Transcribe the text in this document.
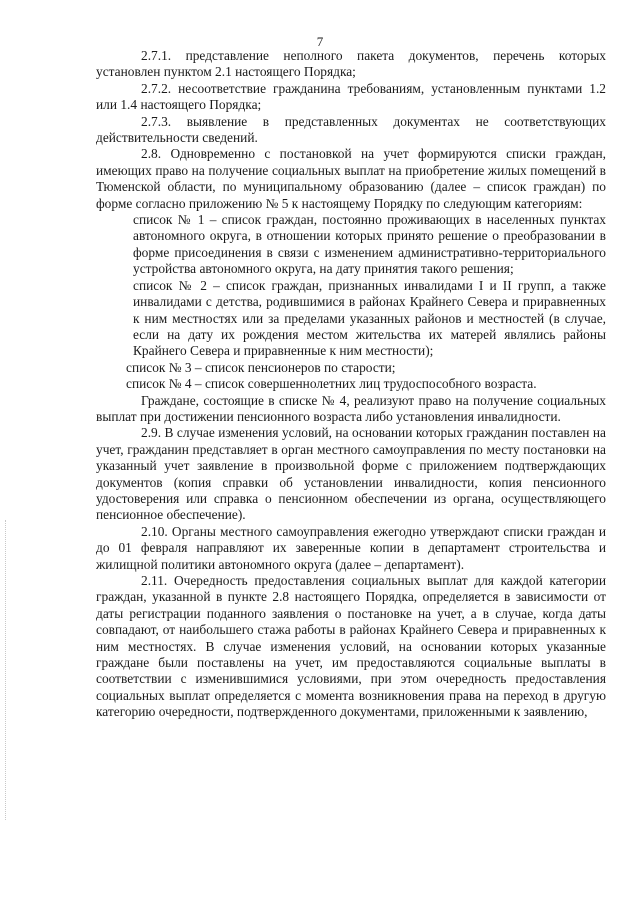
7

2.7.1. представление неполного пакета документов, перечень которых установлен пунктом 2.1 настоящего Порядка;

2.7.2. несоответствие гражданина требованиям, установленным пунктами 1.2 или 1.4 настоящего Порядка;

2.7.3. выявление в представленных документах не соответствующих действительности сведений.

2.8. Одновременно с постановкой на учет формируются списки граждан, имеющих право на получение социальных выплат на приобретение жилых помещений в Тюменской области, по муниципальному образованию (далее – список граждан) по форме согласно приложению № 5 к настоящему Порядку по следующим категориям:

список № 1 – список граждан, постоянно проживающих в населенных пунктах автономного округа, в отношении которых принято решение о преобразовании в форме присоединения в связи с изменением административно-территориального устройства автономного округа, на дату принятия такого решения;

список № 2 – список граждан, признанных инвалидами I и II групп, а также инвалидами с детства, родившимися в районах Крайнего Севера и приравненных к ним местностях или за пределами указанных районов и местностей (в случае, если на дату их рождения местом жительства их матерей являлись районы Крайнего Севера и приравненные к ним местности);

список № 3 – список пенсионеров по старости;

список № 4 – список совершеннолетних лиц трудоспособного возраста.

Граждане, состоящие в списке № 4, реализуют право на получение социальных выплат при достижении пенсионного возраста либо установления инвалидности.

2.9. В случае изменения условий, на основании которых гражданин поставлен на учет, гражданин представляет в орган местного самоуправления по месту постановки на указанный учет заявление в произвольной форме с приложением подтверждающих документов (копия справки об установлении инвалидности, копия пенсионного удостоверения или справка о пенсионном обеспечении из органа, осуществляющего пенсионное обеспечение).

2.10. Органы местного самоуправления ежегодно утверждают списки граждан и до 01 февраля направляют их заверенные копии в департамент строительства и жилищной политики автономного округа (далее – департамент).

2.11. Очередность предоставления социальных выплат для каждой категории граждан, указанной в пункте 2.8 настоящего Порядка, определяется в зависимости от даты регистрации поданного заявления о постановке на учет, а в случае, когда даты совпадают, от наибольшего стажа работы в районах Крайнего Севера и приравненных к ним местностях. В случае изменения условий, на основании которых указанные граждане были поставлены на учет, им предоставляются социальные выплаты в соответствии с изменившимися условиями, при этом очередность предоставления социальных выплат определяется с момента возникновения права на переход в другую категорию очередности, подтвержденного документами, приложенными к заявлению,
